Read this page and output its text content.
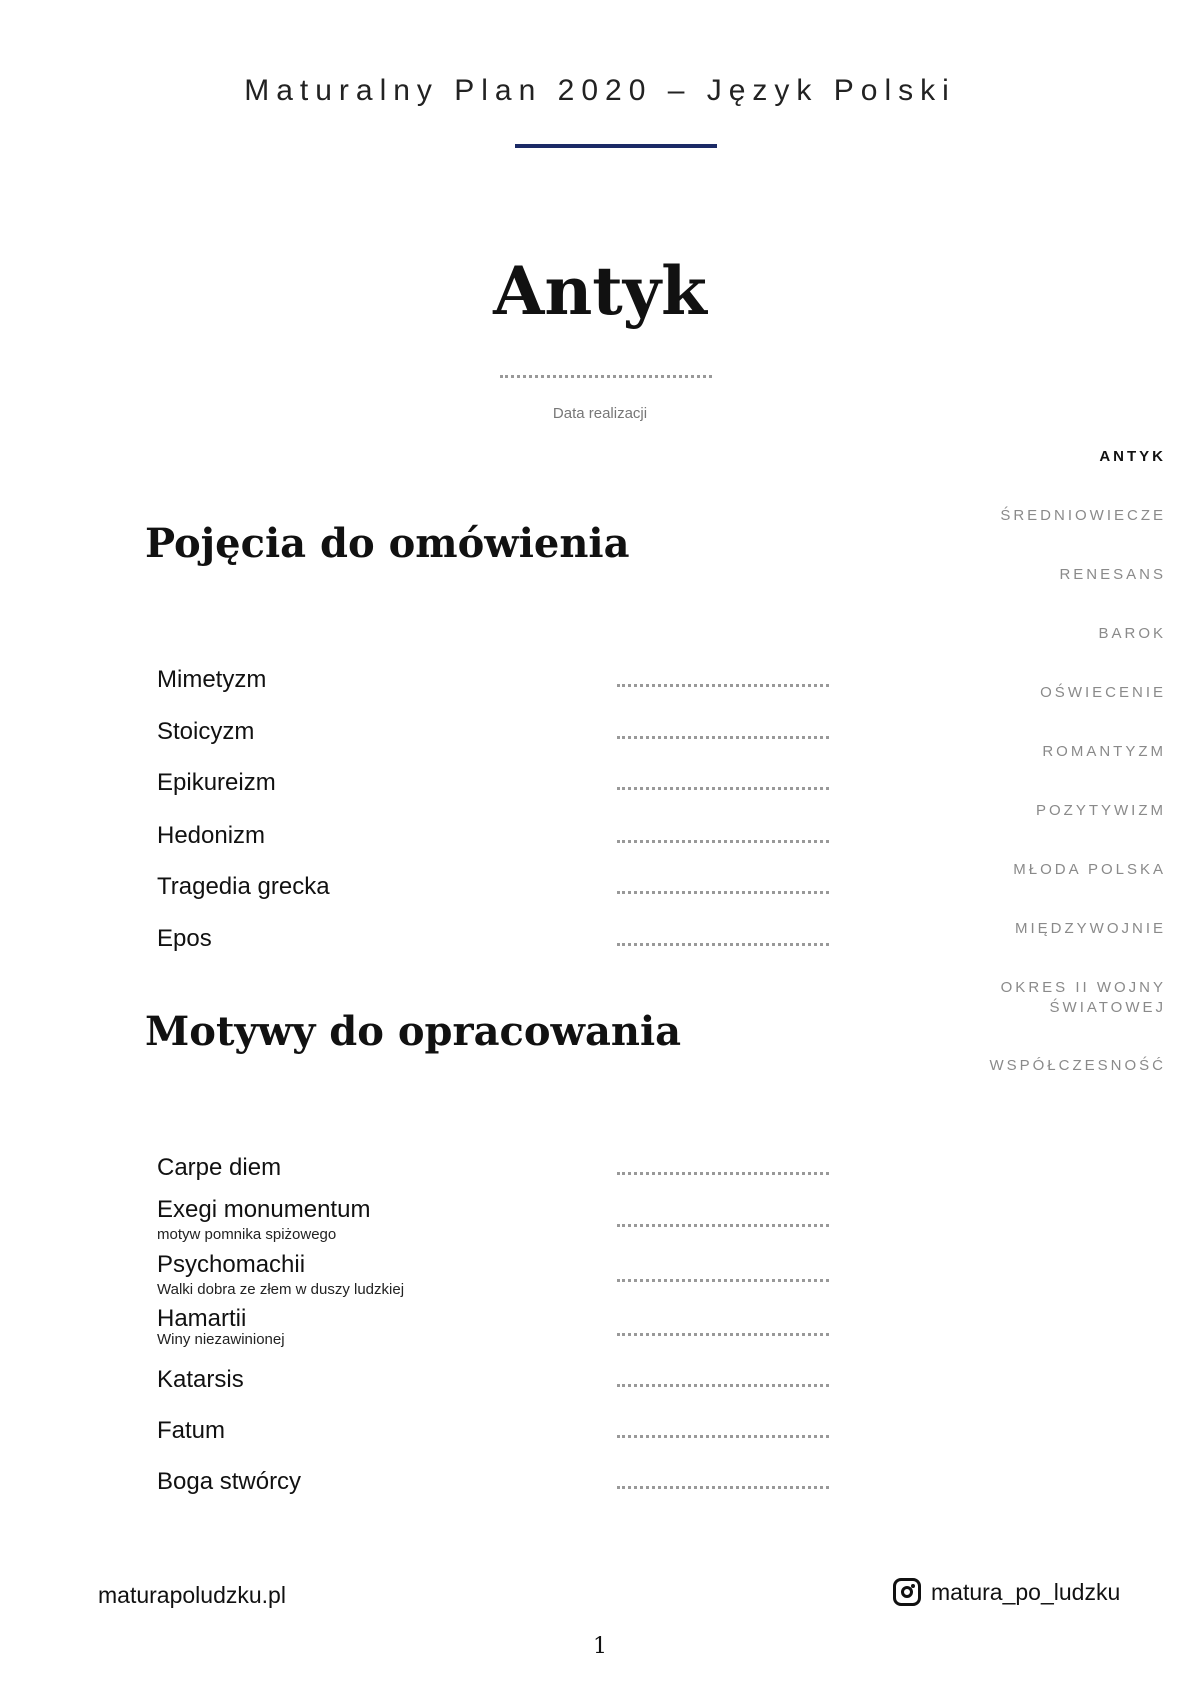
Maturalny Plan 2020 – Język Polski
Antyk
Data realizacji
ANTYK
ŚREDNIOWIECZE
RENESANS
BAROK
OŚWIECENIE
ROMANTYZM
POZYTYWIZM
MŁODA POLSKA
MIĘDZYWOJNIE
OKRES II WOJNY ŚWIATOWEJ
WSPÓŁCZESNOŚĆ
Pojęcia do omówienia
Mimetyzm
Stoicyzm
Epikureizm
Hedonizm
Tragedia grecka
Epos
Motywy do opracowania
Carpe diem
Exegi monumentum
motyw pomnika spiżowego
Psychomachii
Walki dobra ze złem w duszy ludzkiej
Hamartii
Winy niezawinionej
Katarsis
Fatum
Boga stwórcy
maturapoludzku.pl	matura_po_ludzku
1
